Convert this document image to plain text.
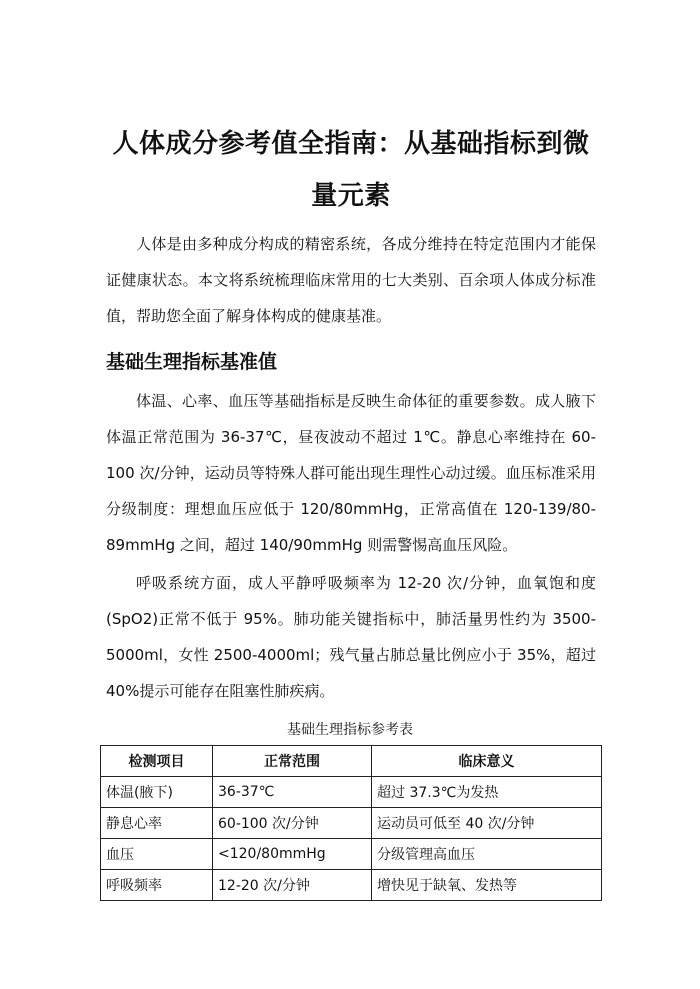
人体成分参考值全指南：从基础指标到微量元素

人体是由多种成分构成的精密系统，各成分维持在特定范围内才能保证健康状态。本文将系统梳理临床常用的七大类别、百余项人体成分标准值，帮助您全面了解身体构成的健康基准。

基础生理指标基准值

体温、心率、血压等基础指标是反映生命体征的重要参数。成人腋下体温正常范围为 36-37℃，昼夜波动不超过 1℃。静息心率维持在 60-100 次/分钟，运动员等特殊人群可能出现生理性心动过缓。血压标准采用分级制度：理想血压应低于 120/80mmHg，正常高值在 120-139/80-89mmHg 之间，超过 140/90mmHg 则需警惕高血压风险。

呼吸系统方面，成人平静呼吸频率为 12-20 次/分钟，血氧饱和度(SpO2)正常不低于 95%。肺功能关键指标中，肺活量男性约为 3500-5000ml，女性 2500-4000ml；残气量占肺总量比例应小于 35%，超过 40%提示可能存在阻塞性肺疾病。

基础生理指标参考表

检测项目	正常范围	临床意义
体温(腋下)	36-37℃	超过 37.3℃为发热
静息心率	60-100 次/分钟	运动员可低至 40 次/分钟
血压	<120/80mmHg	分级管理高血压
呼吸频率	12-20 次/分钟	增快见于缺氧、发热等
